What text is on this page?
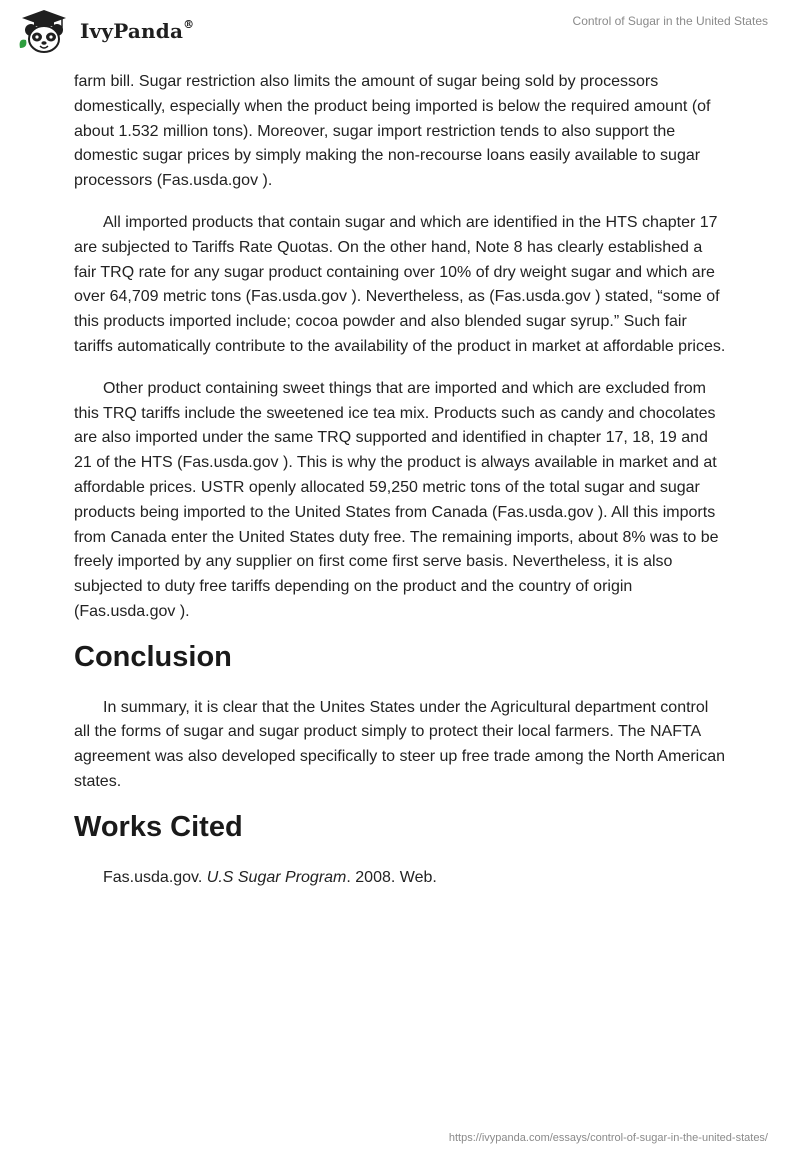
IvyPanda®	Control of Sugar in the United States

farm bill. Sugar restriction also limits the amount of sugar being sold by processors domestically, especially when the product being imported is below the required amount (of about 1.532 million tons). Moreover, sugar import restriction tends to also support the domestic sugar prices by simply making the non-recourse loans easily available to sugar processors (Fas.usda.gov ).

All imported products that contain sugar and which are identified in the HTS chapter 17 are subjected to Tariffs Rate Quotas. On the other hand, Note 8 has clearly established a fair TRQ rate for any sugar product containing over 10% of dry weight sugar and which are over 64,709 metric tons (Fas.usda.gov ). Nevertheless, as (Fas.usda.gov ) stated, “some of this products imported include; cocoa powder and also blended sugar syrup.” Such fair tariffs automatically contribute to the availability of the product in market at affordable prices.

Other product containing sweet things that are imported and which are excluded from this TRQ tariffs include the sweetened ice tea mix. Products such as candy and chocolates are also imported under the same TRQ supported and identified in chapter 17, 18, 19 and 21 of the HTS (Fas.usda.gov ). This is why the product is always available in market and at affordable prices. USTR openly allocated 59,250 metric tons of the total sugar and sugar products being imported to the United States from Canada (Fas.usda.gov ). All this imports from Canada enter the United States duty free. The remaining imports, about 8% was to be freely imported by any supplier on first come first serve basis. Nevertheless, it is also subjected to duty free tariffs depending on the product and the country of origin (Fas.usda.gov ).

Conclusion

In summary, it is clear that the Unites States under the Agricultural department control all the forms of sugar and sugar product simply to protect their local farmers. The NAFTA agreement was also developed specifically to steer up free trade among the North American states.

Works Cited

Fas.usda.gov. U.S Sugar Program. 2008. Web.

https://ivypanda.com/essays/control-of-sugar-in-the-united-states/
